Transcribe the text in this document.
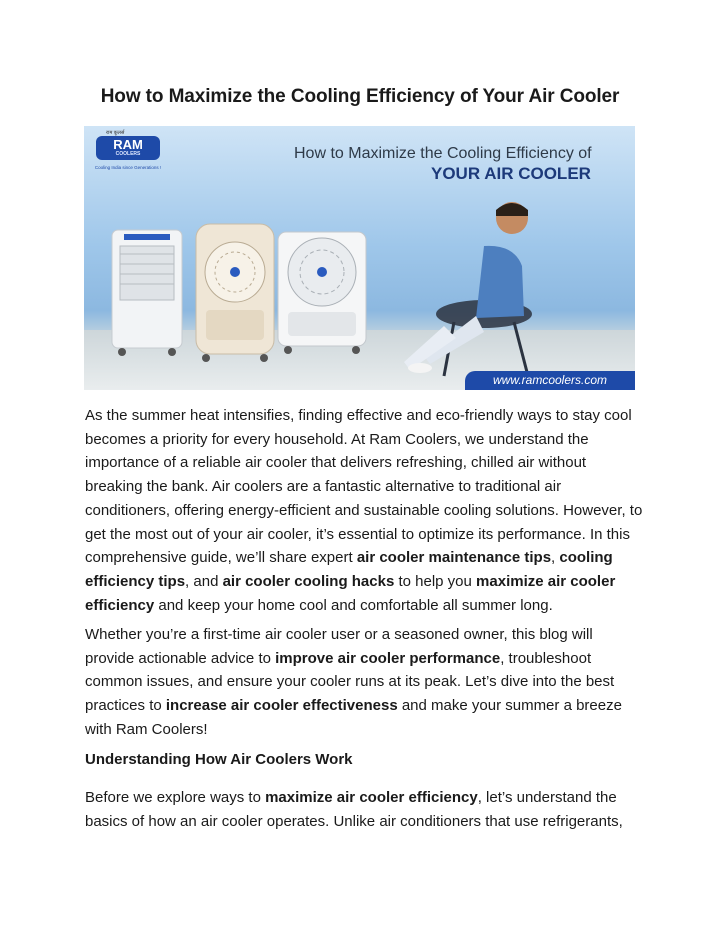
How to Maximize the Cooling Efficiency of Your Air Cooler
राम कूलर्स
RAM
COOLERS
Cooling India since Generations !
How to Maximize the Cooling Efficiency of
YOUR AIR COOLER
www.ramcoolers.com
As the summer heat intensifies, finding effective and eco-friendly ways to stay cool becomes a priority for every household. At Ram Coolers, we understand the importance of a reliable air cooler that delivers refreshing, chilled air without breaking the bank. Air coolers are a fantastic alternative to traditional air conditioners, offering energy-efficient and sustainable cooling solutions. However, to get the most out of your air cooler, it’s essential to optimize its performance. In this comprehensive guide, we’ll share expert air cooler maintenance tips, cooling efficiency tips, and air cooler cooling hacks to help you maximize air cooler efficiency and keep your home cool and comfortable all summer long.
Whether you’re a first-time air cooler user or a seasoned owner, this blog will provide actionable advice to improve air cooler performance, troubleshoot common issues, and ensure your cooler runs at its peak. Let’s dive into the best practices to increase air cooler effectiveness and make your summer a breeze with Ram Coolers!
Understanding How Air Coolers Work
Before we explore ways to maximize air cooler efficiency, let’s understand the basics of how an air cooler operates. Unlike air conditioners that use refrigerants,
